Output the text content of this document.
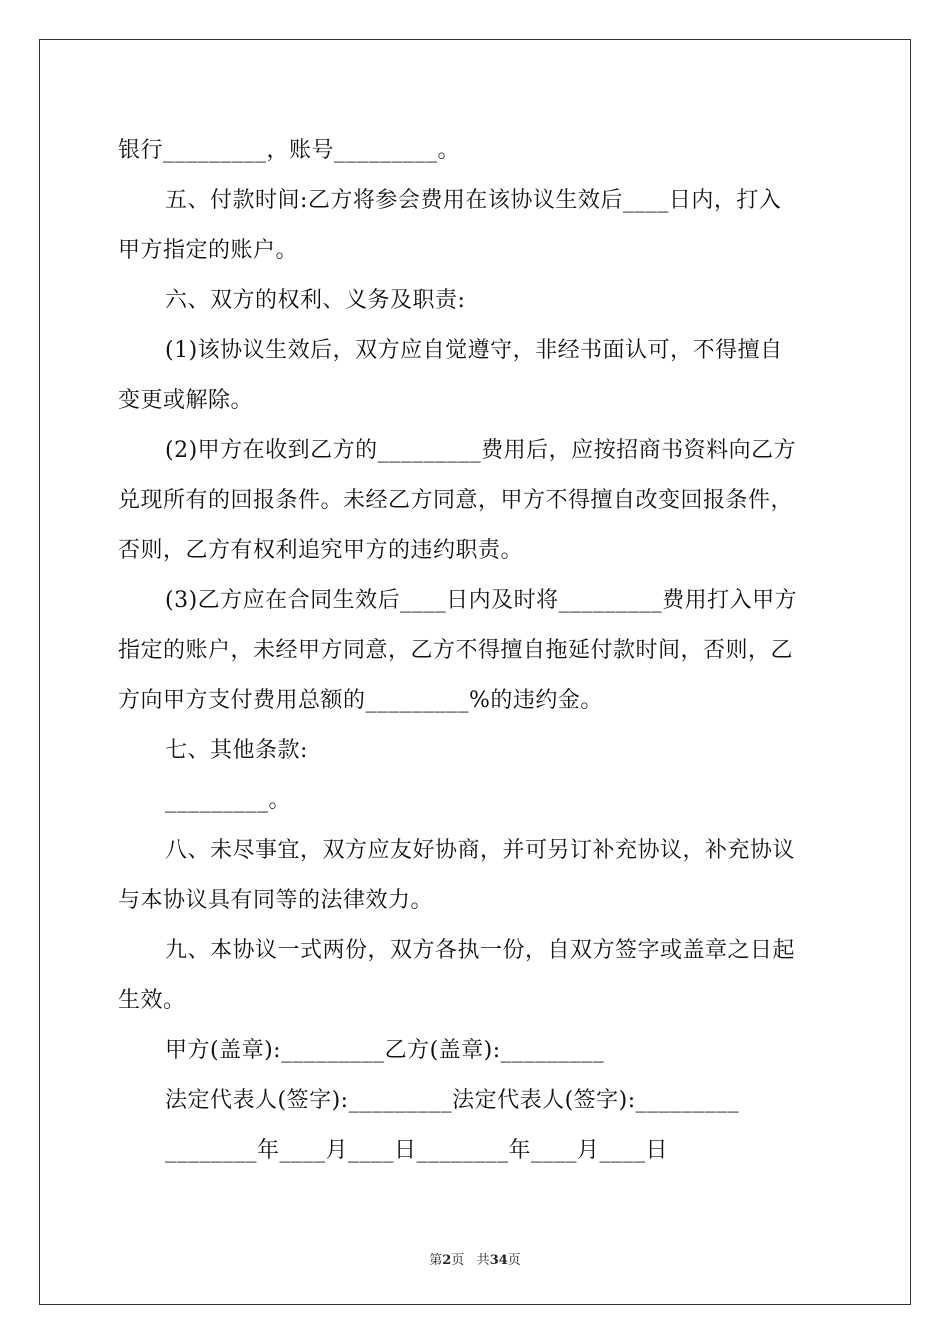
银行_________，账号_________。
五、付款时间:乙方将参会费用在该协议生效后____日内，打入
甲方指定的账户。
六、双方的权利、义务及职责:
(1)该协议生效后，双方应自觉遵守，非经书面认可，不得擅自
变更或解除。
(2)甲方在收到乙方的_________费用后，应按招商书资料向乙方
兑现所有的回报条件。未经乙方同意，甲方不得擅自改变回报条件，
否则，乙方有权利追究甲方的违约职责。
(3)乙方应在合同生效后____日内及时将_________费用打入甲方
指定的账户，未经甲方同意，乙方不得擅自拖延付款时间，否则，乙
方向甲方支付费用总额的_________%的违约金。
七、其他条款:
_________。
八、未尽事宜，双方应友好协商，并可另订补充协议，补充协议
与本协议具有同等的法律效力。
九、本协议一式两份，双方各执一份，自双方签字或盖章之日起
生效。
甲方(盖章):_________乙方(盖章):_________
法定代表人(签字):_________法定代表人(签字):_________
________年____月____日________年____月____日
第2页 共34页
